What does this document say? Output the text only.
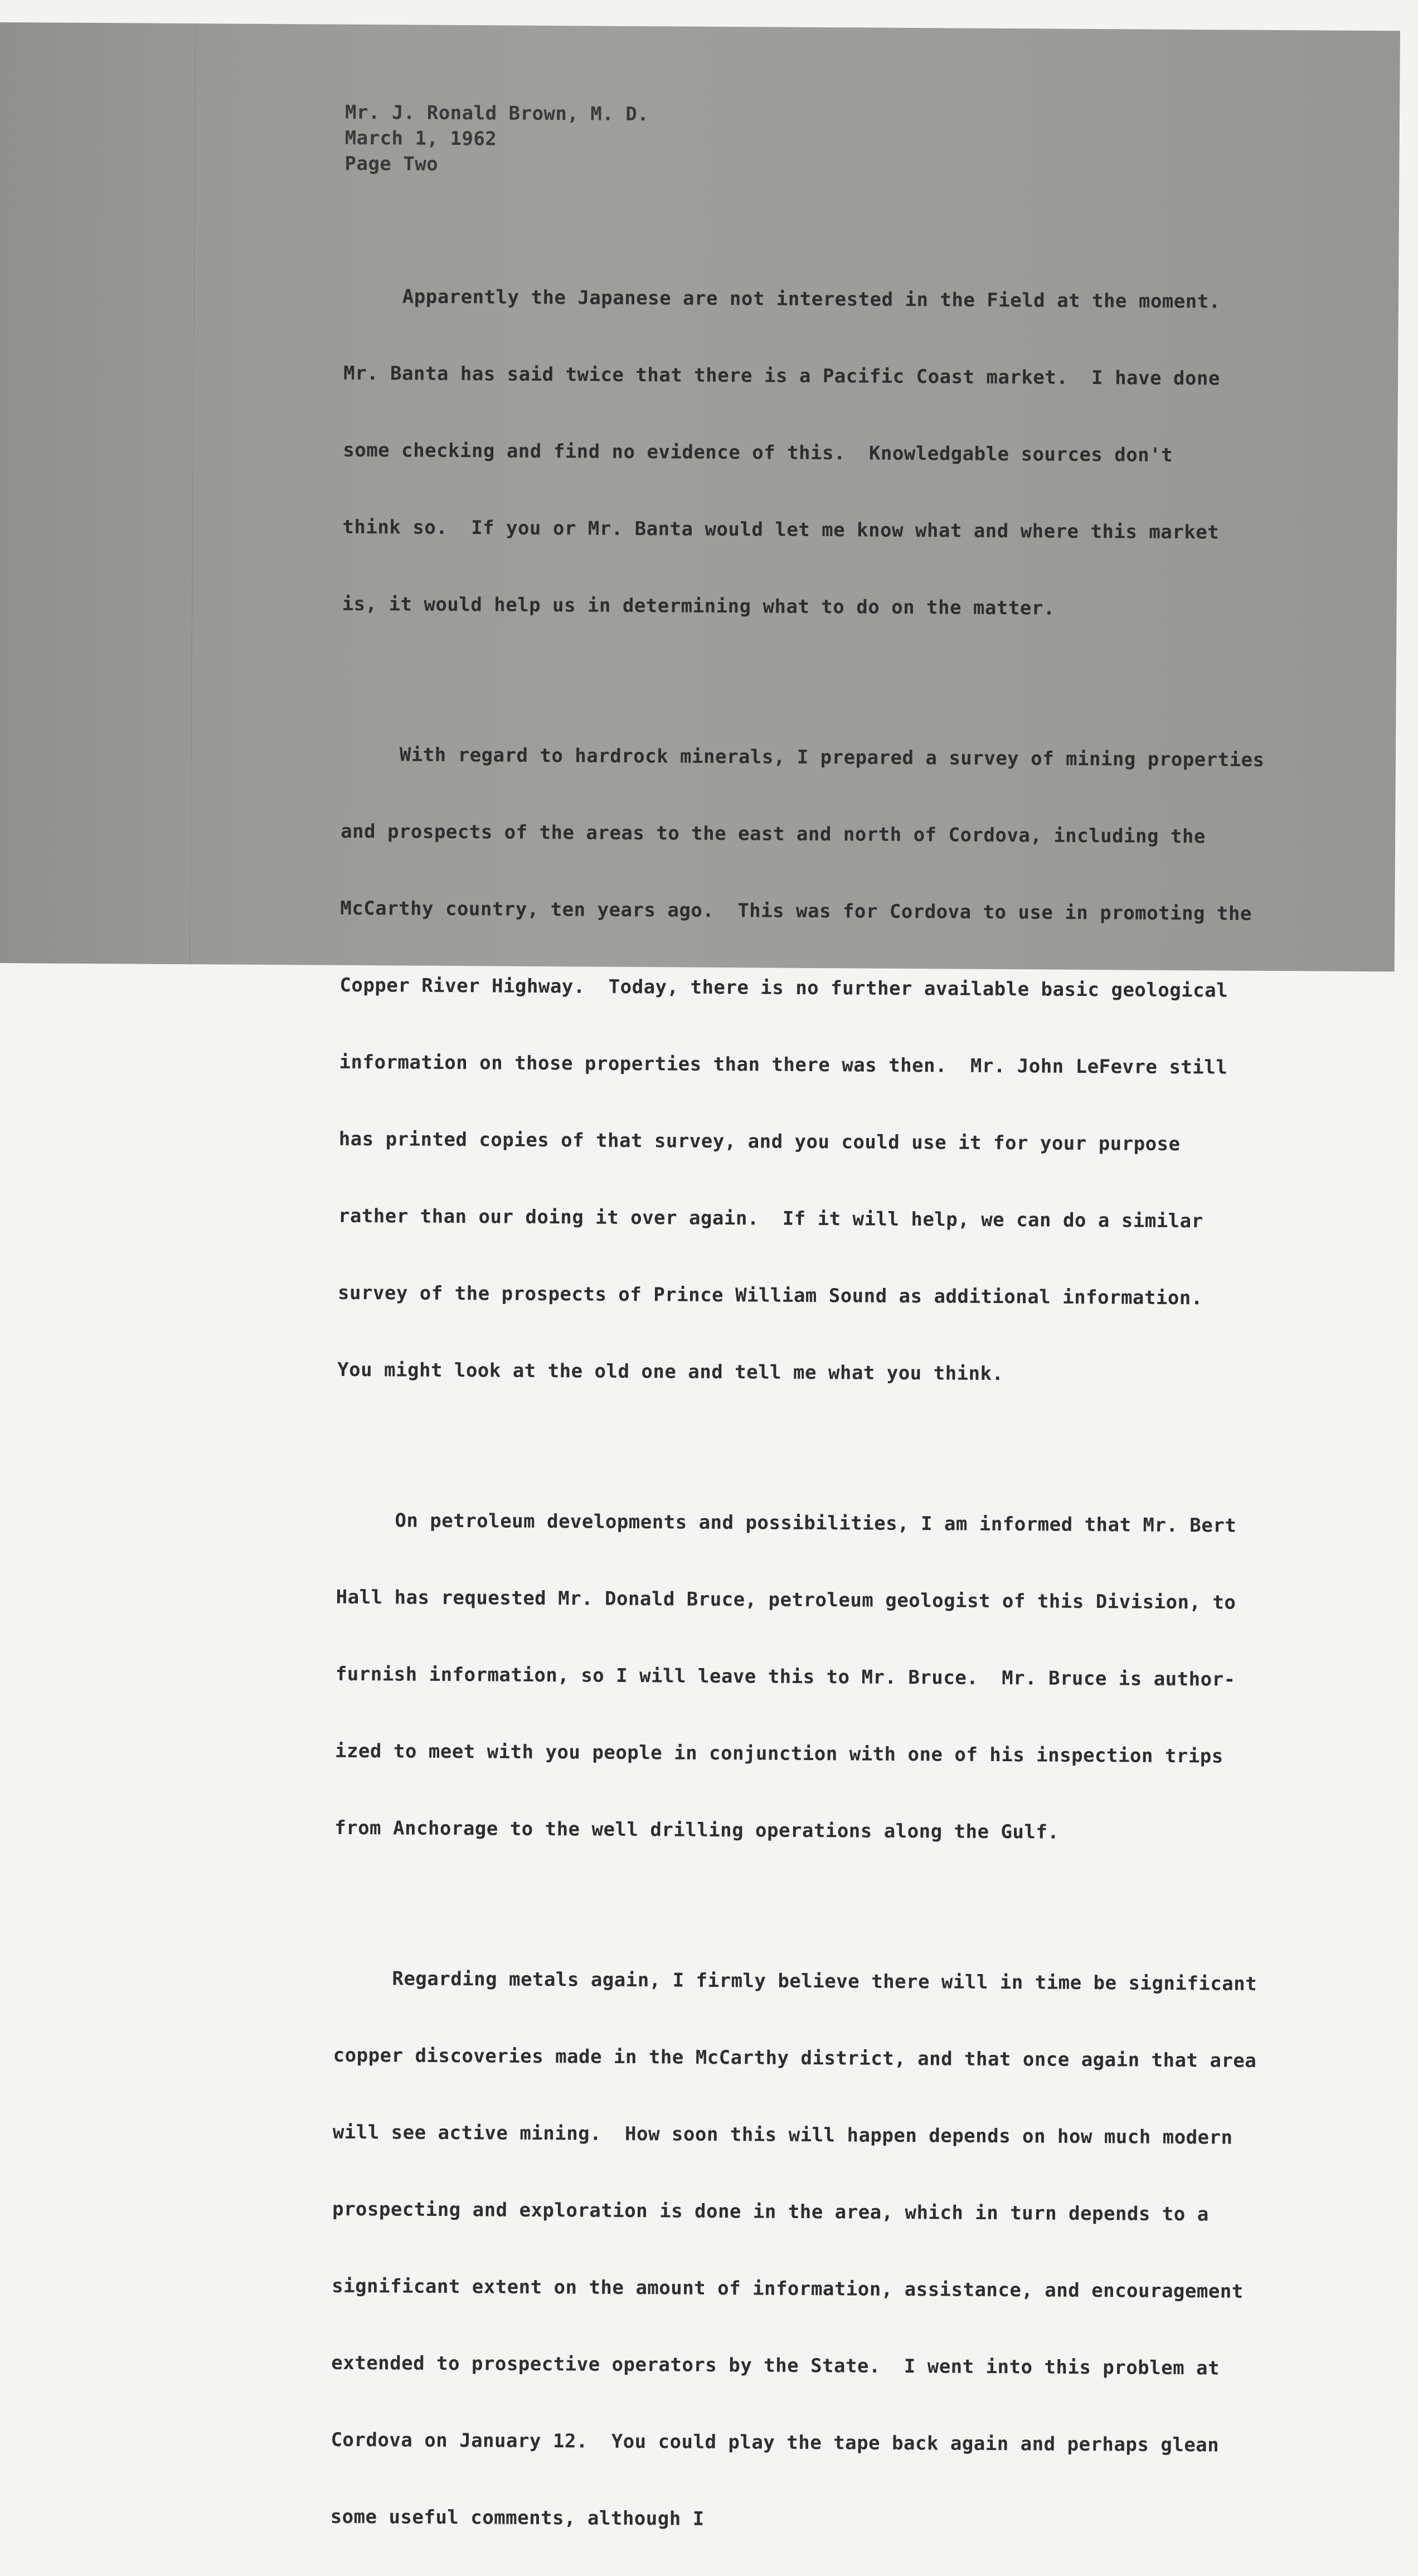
Mr. J. Ronald Brown, M. D.
March 1, 1962
Page Two

Apparently the Japanese are not interested in the Field at the moment.

Mr. Banta has said twice that there is a Pacific Coast market.  I have done

some checking and find no evidence of this.  Knowledgable sources don't

think so.  If you or Mr. Banta would let me know what and where this market

is, it would help us in determining what to do on the matter.

With regard to hardrock minerals, I prepared a survey of mining properties

and prospects of the areas to the east and north of Cordova, including the

McCarthy country, ten years ago.  This was for Cordova to use in promoting the

Copper River Highway.  Today, there is no further available basic geological

information on those properties than there was then.  Mr. John LeFevre still

has printed copies of that survey, and you could use it for your purpose

rather than our doing it over again.  If it will help, we can do a similar

survey of the prospects of Prince William Sound as additional information.

You might look at the old one and tell me what you think.

On petroleum developments and possibilities, I am informed that Mr. Bert

Hall has requested Mr. Donald Bruce, petroleum geologist of this Division, to

furnish information, so I will leave this to Mr. Bruce.  Mr. Bruce is author-

ized to meet with you people in conjunction with one of his inspection trips

from Anchorage to the well drilling operations along the Gulf.

Regarding metals again, I firmly believe there will in time be significant

copper discoveries made in the McCarthy district, and that once again that area

will see active mining.  How soon this will happen depends on how much modern

prospecting and exploration is done in the area, which in turn depends to a

significant extent on the amount of information, assistance, and encouragement

extended to prospective operators by the State.  I went into this problem at

Cordova on January 12.  You could play the tape back again and perhaps glean

some useful comments, although I
